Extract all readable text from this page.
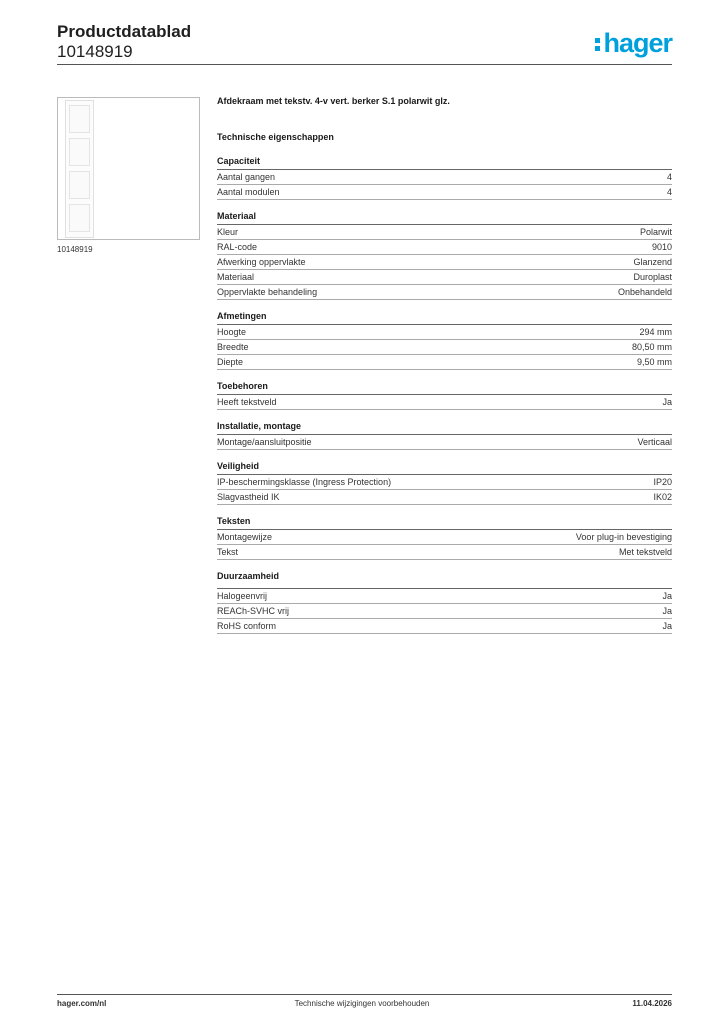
Productdatablad
10148919	hager
10148919
Afdekraam met tekstv. 4-v vert. berker S.1 polarwit glz.
Technische eigenschappen
Capaciteit
Aantal gangen	4
Aantal modulen	4
Materiaal
Kleur	Polarwit
RAL-code	9010
Afwerking oppervlakte	Glanzend
Materiaal	Duroplast
Oppervlakte behandeling	Onbehandeld
Afmetingen
Hoogte	294 mm
Breedte	80,50 mm
Diepte	9,50 mm
Toebehoren
Heeft tekstveld	Ja
Installatie, montage
Montage/aansluitpositie	Verticaal
Veiligheid
IP-beschermingsklasse (Ingress Protection)	IP20
Slagvastheid IK	IK02
Teksten
Montagewijze	Voor plug-in bevestiging
Tekst	Met tekstveld
Duurzaamheid
Halogeenvrij	Ja
REACh-SVHC vrij	Ja
RoHS conform	Ja
hager.com/nl	Technische wijzigingen voorbehouden	11.04.2026
